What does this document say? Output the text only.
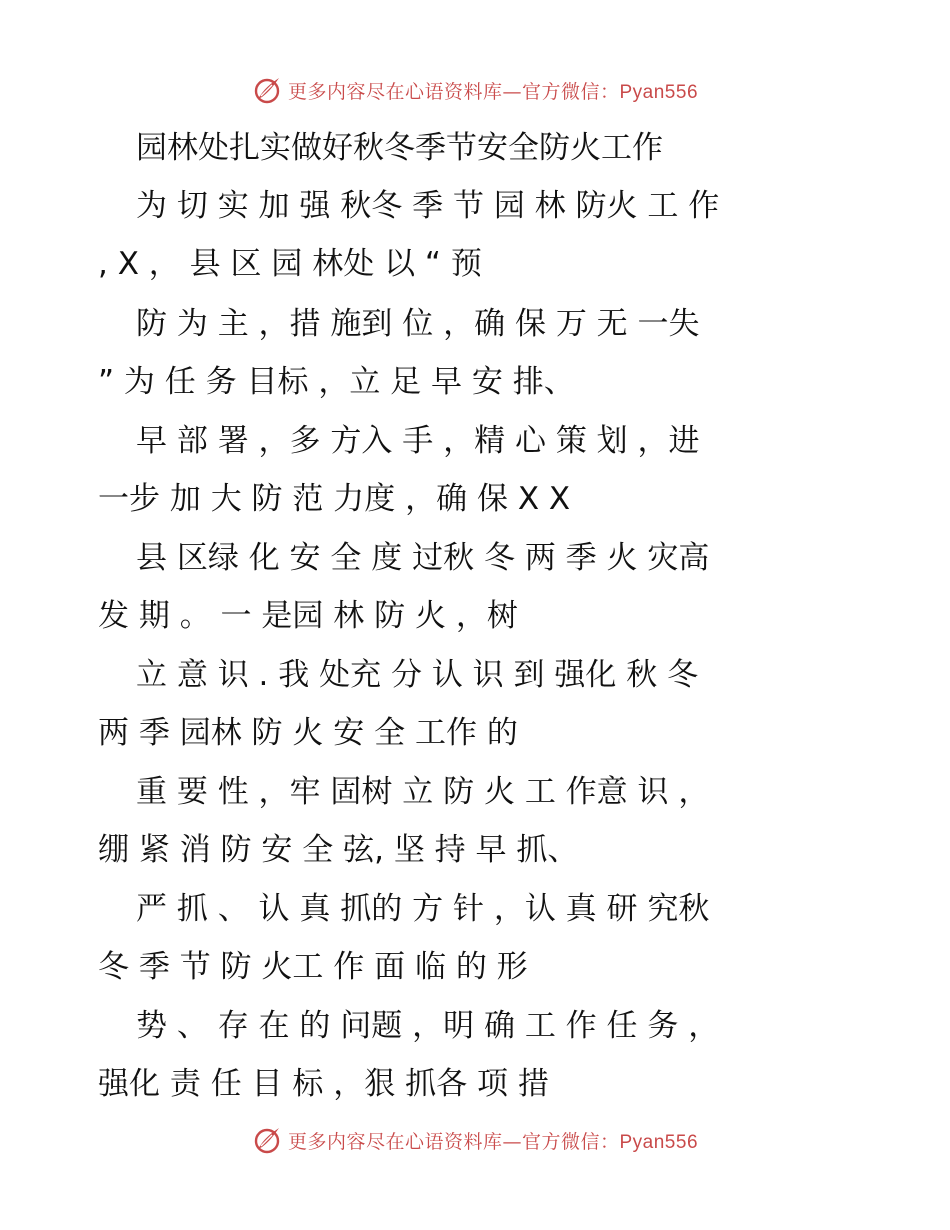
更多内容尽在心语资料库—官方微信：Pyan556
园林处扎实做好秋冬季节安全防火工作
为 切 实 加 强 秋冬 季 节 园 林 防火 工 作
, X ， 县 区 园 林处 以 “ 预
防 为 主 ，措 施到 位 ，确 保 万 无 一失
” 为 任 务 目标 ，立 足 早 安 排、
早 部 署 ，多 方入 手 ，精 心 策 划 ，进
一步 加 大 防 范 力度 ，确 保 X X
县 区绿 化 安 全 度 过秋 冬 两 季 火 灾高
发 期 。 一 是园 林 防 火 ，树
立 意 识 . 我 处充 分 认 识 到 强化 秋 冬
两 季 园林 防 火 安 全 工作 的
重 要 性 ，牢 固树 立 防 火 工 作意 识 ，
绷 紧 消 防 安 全 弦, 坚 持 早 抓、
严 抓 、 认 真 抓的 方 针 ，认 真 研 究秋
冬 季 节 防 火工 作 面 临 的 形
势 、 存 在 的 问题 ，明 确 工 作 任 务 ，
强化 责 任 目 标 ，狠 抓各 项 措
更多内容尽在心语资料库—官方微信：Pyan556
